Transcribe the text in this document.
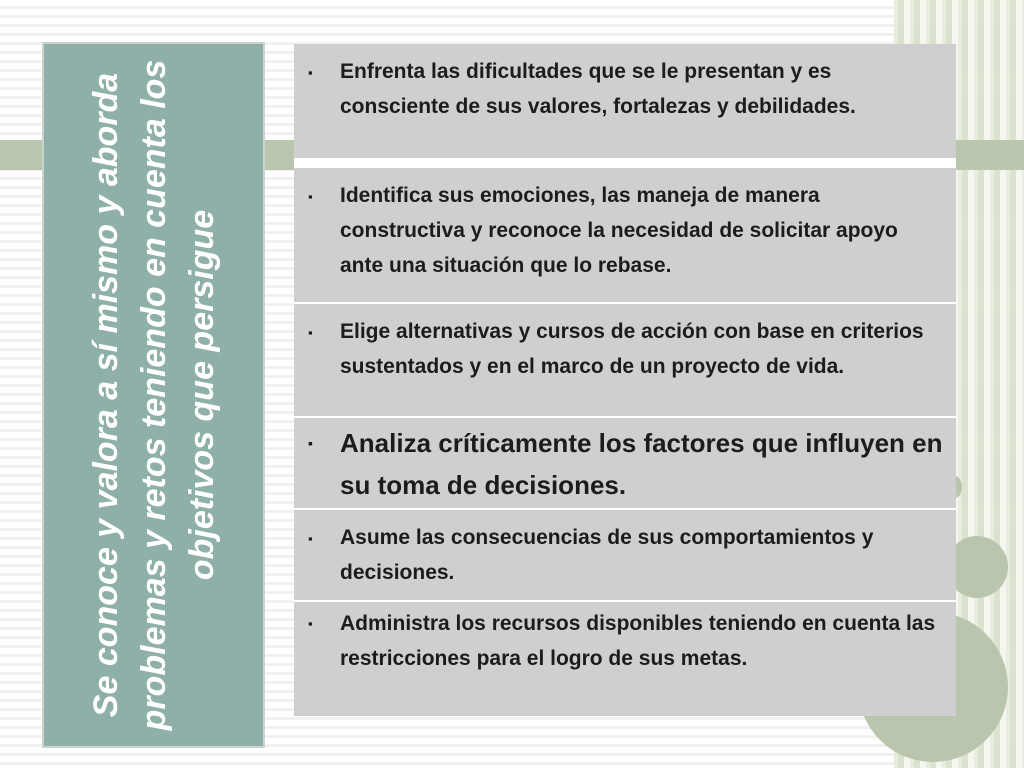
Se conoce y valora a sí mismo y aborda problemas y retos teniendo en cuenta los objetivos que persigue
▪ Enfrenta las dificultades que se le presentan y es consciente de sus valores, fortalezas y debilidades.
▪ Identifica sus emociones, las maneja de manera constructiva y reconoce la necesidad de solicitar apoyo ante una situación que lo rebase.
▪ Elige alternativas y cursos de acción con base en criterios sustentados y en el marco de un proyecto de vida.
▪ Analiza críticamente los factores que influyen en su toma de decisiones.
▪ Asume las consecuencias de sus comportamientos y decisiones.
▪ Administra los recursos disponibles teniendo en cuenta las restricciones para el logro de sus metas.
